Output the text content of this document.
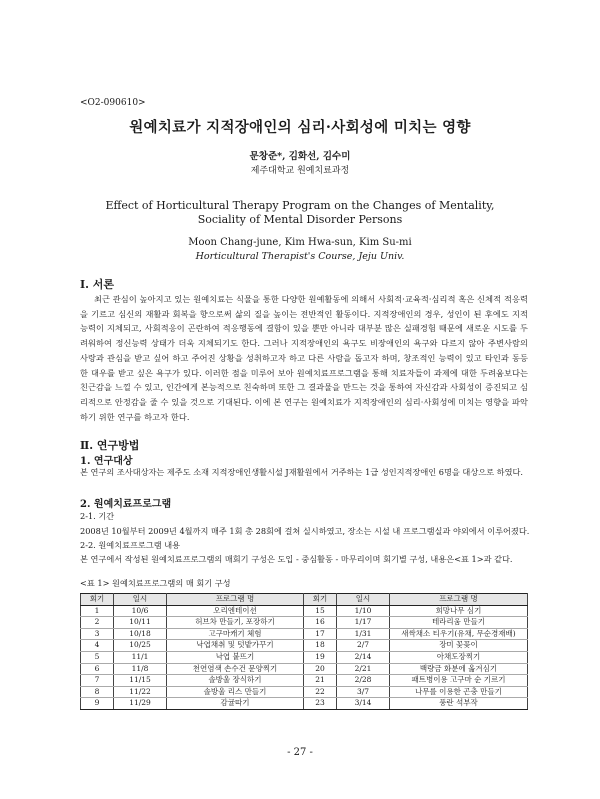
<O2-090610>
원예치료가 지적장애인의 심리·사회성에 미치는 영향
문창준*, 김화선, 김수미
제주대학교 원예치료과정
Effect of Horticultural Therapy Program on the Changes of Mentality,
Sociality of Mental Disorder Persons
Moon Chang-june, Kim Hwa-sun, Kim Su-mi
Horticultural Therapist's Course, Jeju Univ.
Ⅰ. 서론
최근 관심이 높아지고 있는 원예치료는 식물을 통한 다양한 원예활동에 의해서 사회적·교육적·심리적 혹은 신체적 적응력을 기르고 심신의 재활과 회복을 향으로써 삶의 질을 높이는 전반적인 활동이다. 지적장애인의 경우, 성인이 된 후에도 지적 능력이 지체되고, 사회적응이 곤란하여 적응행동에 결함이 있을 뿐만 아니라 대부분 많은 실패경험 때문에 새로운 시도를 두려워하여 정신능력 상태가 더욱 지체되기도 한다. 그러나 지적장애인의 욕구도 비장애인의 욕구와 다르지 않아 주변사람의 사랑과 관심을 받고 싶어 하고 주어진 상황을 성취하고자 하고 다른 사람을 돕고자 하며, 창조적인 능력이 있고 타인과 동등한 대우를 받고 싶은 욕구가 있다. 이러한 점을 미루어 보아 원예치료프로그램을 통해 치료자들이 과제에 대한 두려움보다는 친근감을 느낄 수 있고, 인간에게 본능적으로 친숙하며 또한 그 결과물을 만드는 것을 통하여 자신감과 사회성이 증진되고 심리적으로 안정감을 줄 수 있을 것으로 기대된다. 이에 본 연구는 원예치료가 지적장애인의 심리·사회성에 미치는 영향을 파악하기 위한 연구를 하고자 한다.
Ⅱ. 연구방법
1. 연구대상
본 연구의 조사대상자는 제주도 소재 지적장애인생활시설 J재활원에서 거주하는 1급 성인지적장애인 6명을 대상으로 하였다.
2. 원예치료프로그램
2-1. 기간
2008년 10월부터 2009년 4월까지 매주 1회 총 28회에 걸쳐 실시하였고, 장소는 시설 내 프로그램실과 야외에서 이루어졌다.
2-2. 원예치료프로그램 내용
본 연구에서 작성된 원예치료프로그램의 매회기 구성은 도입 - 중심활동 - 마무리이며 회기별 구성, 내용은<표 1>과 같다.
<표 1> 원예치료프로그램의 매 회기 구성
회기	일시	프로그램 명	회기	일시	프로그램 명
1	10/6	오리엔테이션	15	1/10	희망나무 심기
2	10/11	허브차 만들기, 포장하기	16	1/17	테라리움 만들기
3	10/18	고구마캐기 체험	17	1/31	새싹채소 티우기(유채, 무순경재배)
4	10/25	낙엽채취 및 텃밭가꾸기	18	2/7	장미 꽃꽂이
5	11/1	낙엽 붙뜨기	19	2/14	아채도장찍기
6	11/8	천연염색 손수건 문양찍기	20	2/21	백량금 화분에 옮겨심기
7	11/15	솔방울 장식하기	21	2/28	패트병이용 고구마 순 기르기
8	11/22	솔방울 리스 만들기	22	3/7	나무를 이용한 곤충 만들기
9	11/29	감귤따기	23	3/14	풍란 석부작
- 27 -
